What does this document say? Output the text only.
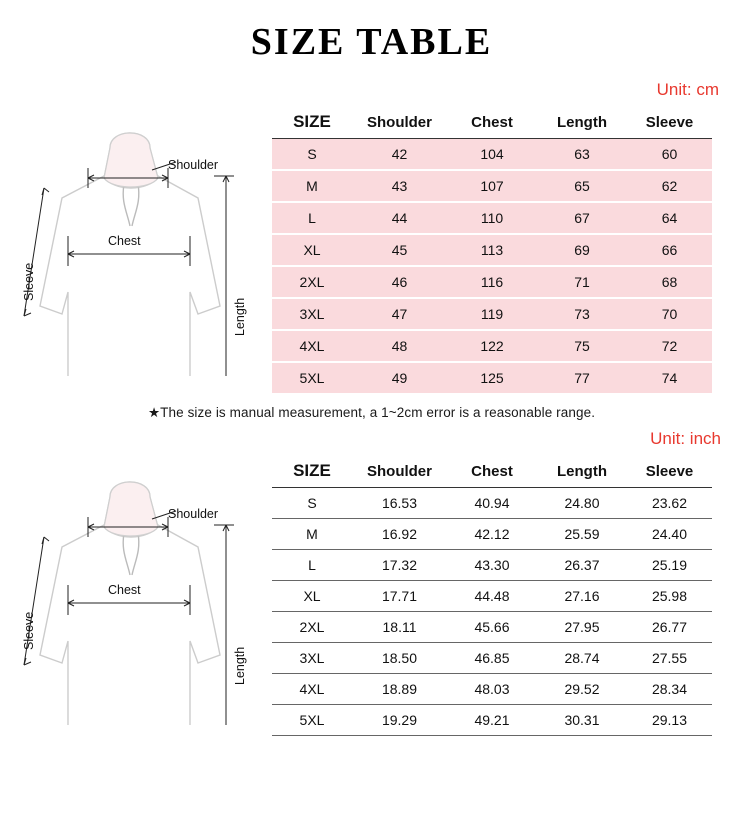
SIZE TABLE
Unit: cm
Shoulder
Chest
Length
Sleeve
SIZE	Shoulder	Chest	Length	Sleeve
S	42	104	63	60
M	43	107	65	62
L	44	110	67	64
XL	45	113	69	66
2XL	46	116	71	68
3XL	47	119	73	70
4XL	48	122	75	72
5XL	49	125	77	74
★The size is manual measurement, a 1~2cm error is a reasonable range.
Unit: inch
Shoulder
Chest
Length
Sleeve
SIZE	Shoulder	Chest	Length	Sleeve
S	16.53	40.94	24.80	23.62
M	16.92	42.12	25.59	24.40
L	17.32	43.30	26.37	25.19
XL	17.71	44.48	27.16	25.98
2XL	18.11	45.66	27.95	26.77
3XL	18.50	46.85	28.74	27.55
4XL	18.89	48.03	29.52	28.34
5XL	19.29	49.21	30.31	29.13
